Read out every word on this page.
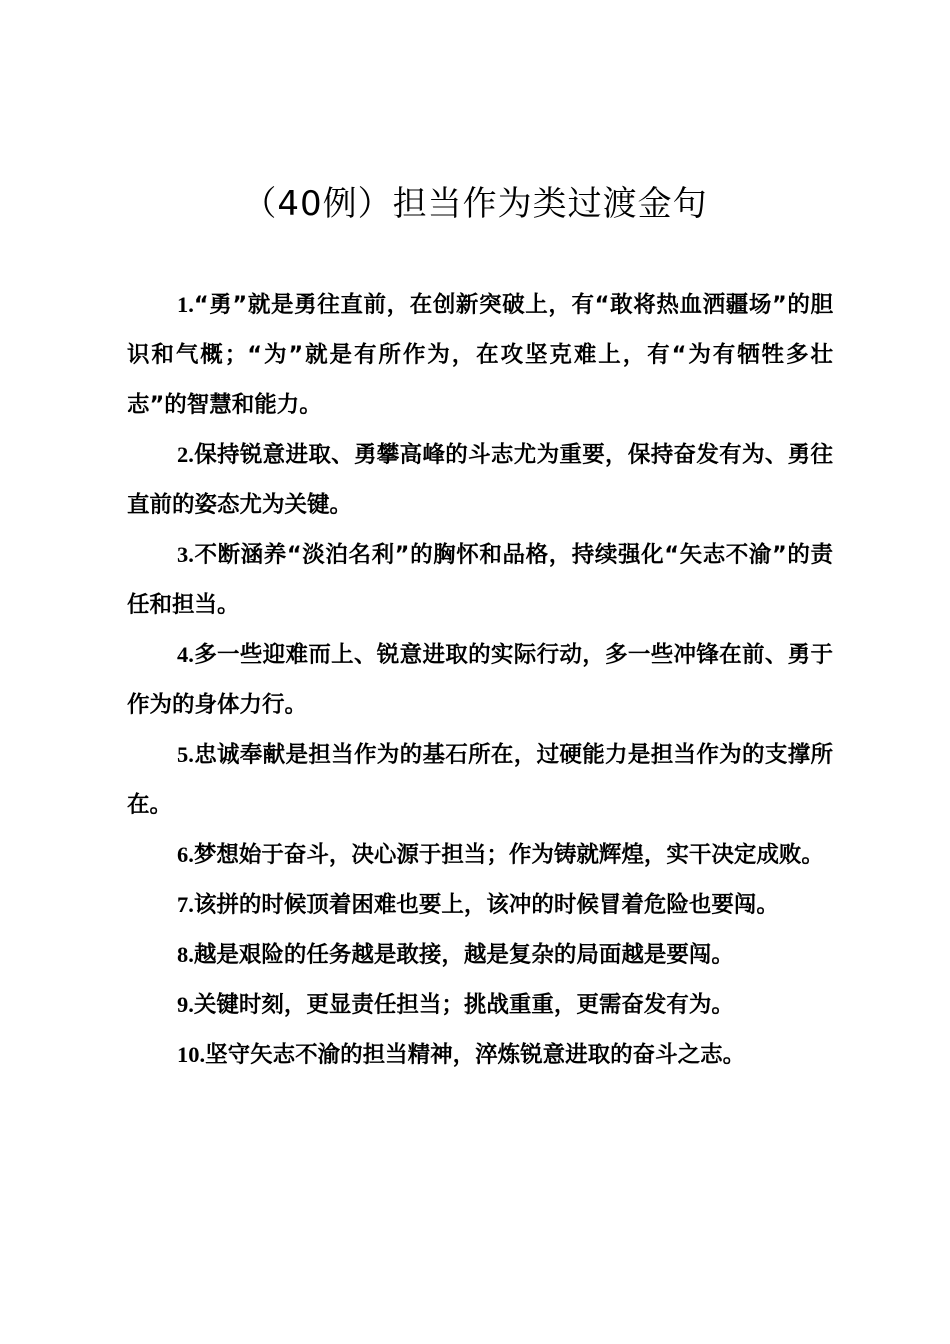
（40例）担当作为类过渡金句

1.“勇”就是勇往直前，在创新突破上，有“敢将热血洒疆场”的胆识和气概；“为”就是有所作为，在攻坚克难上，有“为有牺牲多壮志”的智慧和能力。

2.保持锐意进取、勇攀高峰的斗志尤为重要，保持奋发有为、勇往直前的姿态尤为关键。

3.不断涵养“淡泊名利”的胸怀和品格，持续强化“矢志不渝”的责任和担当。

4.多一些迎难而上、锐意进取的实际行动，多一些冲锋在前、勇于作为的身体力行。

5.忠诚奉献是担当作为的基石所在，过硬能力是担当作为的支撑所在。

6.梦想始于奋斗，决心源于担当；作为铸就辉煌，实干决定成败。

7.该拼的时候顶着困难也要上，该冲的时候冒着危险也要闯。

8.越是艰险的任务越是敢接，越是复杂的局面越是要闯。

9.关键时刻，更显责任担当；挑战重重，更需奋发有为。

10.坚守矢志不渝的担当精神，淬炼锐意进取的奋斗之志。
